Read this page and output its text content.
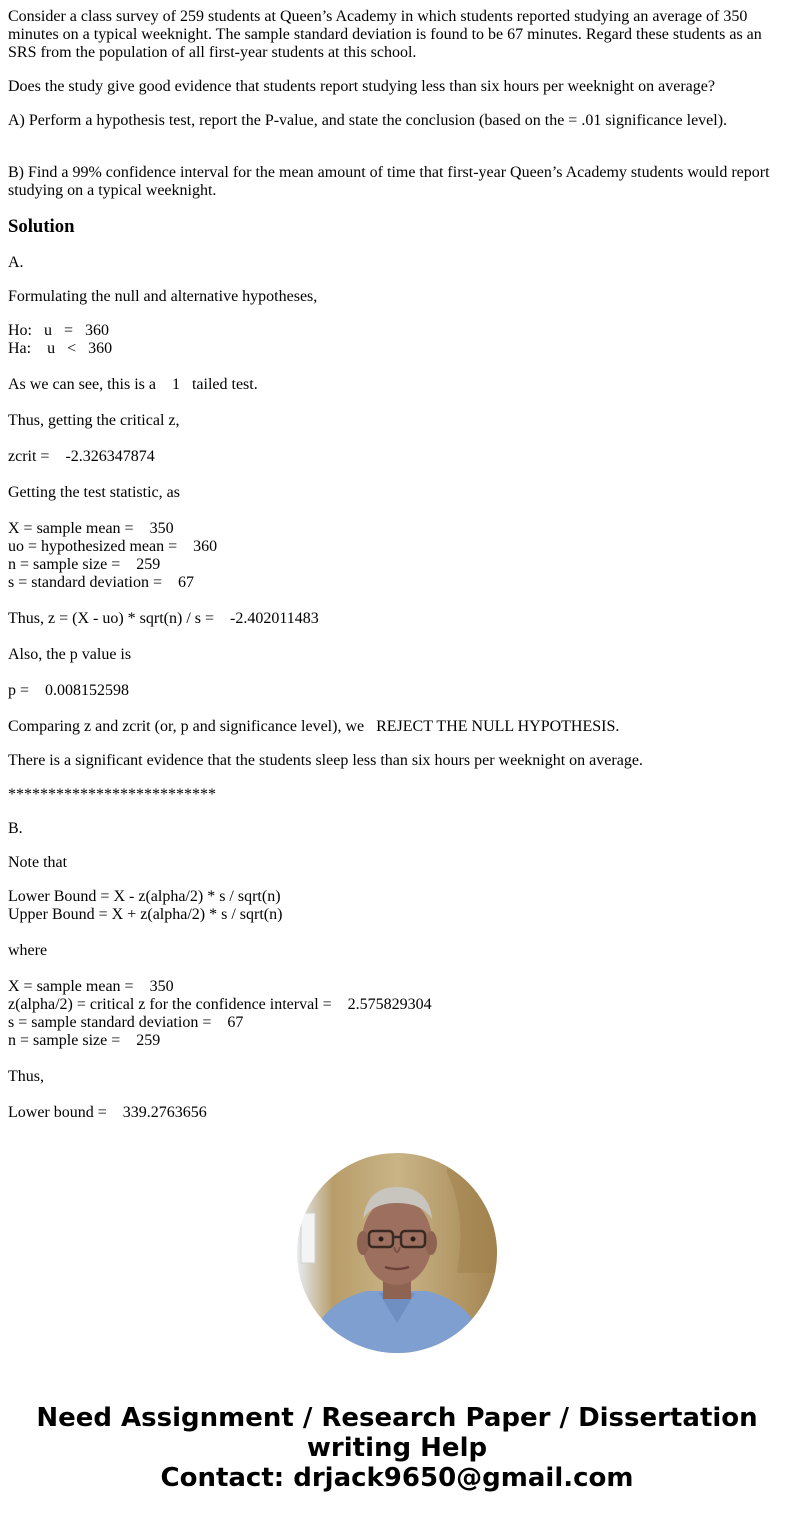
Consider a class survey of 259 students at Queen’s Academy in which students reported studying an average of 350 minutes on a typical weeknight. The sample standard deviation is found to be 67 minutes. Regard these students as an SRS from the population of all first-year students at this school.

Does the study give good evidence that students report studying less than six hours per weeknight on average?

A) Perform a hypothesis test, report the P-value, and state the conclusion (based on the = .01 significance level).

B) Find a 99% confidence interval for the mean amount of time that first-year Queen’s Academy students would report studying on a typical weeknight.

Solution

A.

Formulating the null and alternative hypotheses,

Ho:   u   =   360

Ha:    u   <   360

As we can see, this is a    1   tailed test.

Thus, getting the critical z,

zcrit =    -2.326347874

Getting the test statistic, as

X = sample mean =    350

uo = hypothesized mean =    360

n = sample size =    259

s = standard deviation =    67

Thus, z = (X - uo) * sqrt(n) / s =    -2.402011483

Also, the p value is

p =    0.008152598

Comparing z and zcrit (or, p and significance level), we   REJECT THE NULL HYPOTHESIS.

There is a significant evidence that the students sleep less than six hours per weeknight on average.

**************************

B.

Note that

Lower Bound = X - z(alpha/2) * s / sqrt(n)

Upper Bound = X + z(alpha/2) * s / sqrt(n)

where

X = sample mean =    350

z(alpha/2) = critical z for the confidence interval =    2.575829304

s = sample standard deviation =    67

n = sample size =    259

Thus,

Lower bound =    339.2763656

Need Assignment / Research Paper / Dissertation writing Help
Contact: drjack9650@gmail.com
